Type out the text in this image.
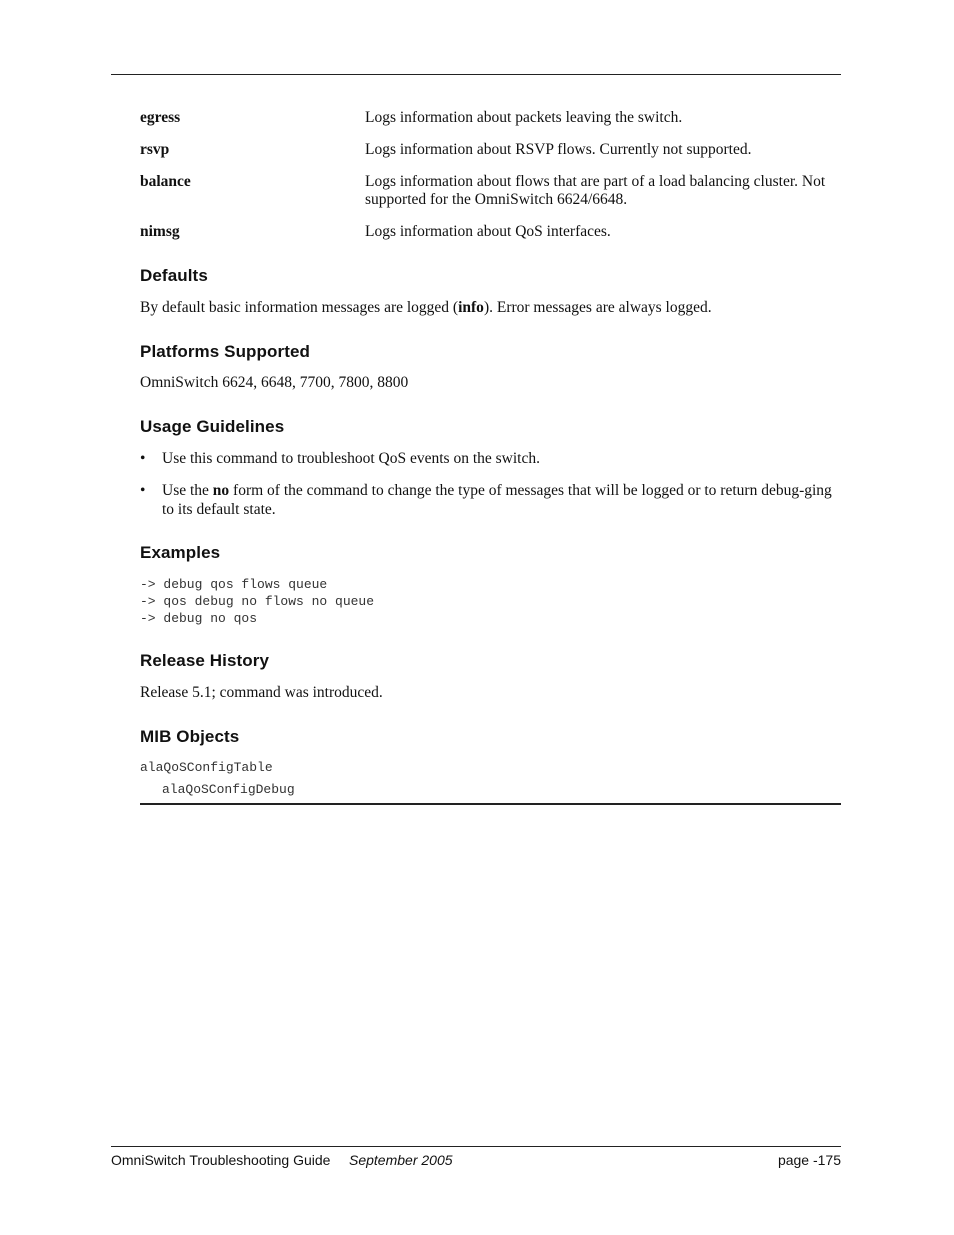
egress	Logs information about packets leaving the switch.
rsvp	Logs information about RSVP flows. Currently not supported.
balance	Logs information about flows that are part of a load balancing cluster. Not supported for the OmniSwitch 6624/6648.
nimsg	Logs information about QoS interfaces.
Defaults
By default basic information messages are logged (info). Error messages are always logged.
Platforms Supported
OmniSwitch 6624, 6648, 7700, 7800, 8800
Usage Guidelines
• Use this command to troubleshoot QoS events on the switch.
• Use the no form of the command to change the type of messages that will be logged or to return debug-ging to its default state.
Examples
-> debug qos flows queue
-> qos debug no flows no queue
-> debug no qos
Release History
Release 5.1; command was introduced.
MIB Objects
alaQoSConfigTable
alaQoSConfigDebug
OmniSwitch Troubleshooting Guide September 2005	page -175
